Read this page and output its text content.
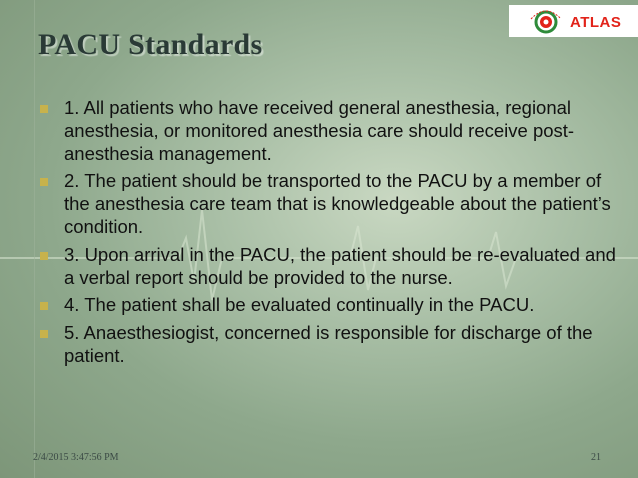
PACU Standards
ATLAS
1. All patients who have received general anesthesia, regional anesthesia, or monitored anesthesia care should receive post-anesthesia management.
2. The patient should be transported to the PACU by a member of the anesthesia care team that is knowledgeable about the patient’s condition.
3. Upon arrival in the PACU, the patient should be re-evaluated and a verbal report should be provided to the nurse.
4. The patient shall be evaluated continually in the PACU.
5. Anaesthesiogist, concerned is responsible for discharge of the patient.
2/4/2015 3:47:56 PM	21
